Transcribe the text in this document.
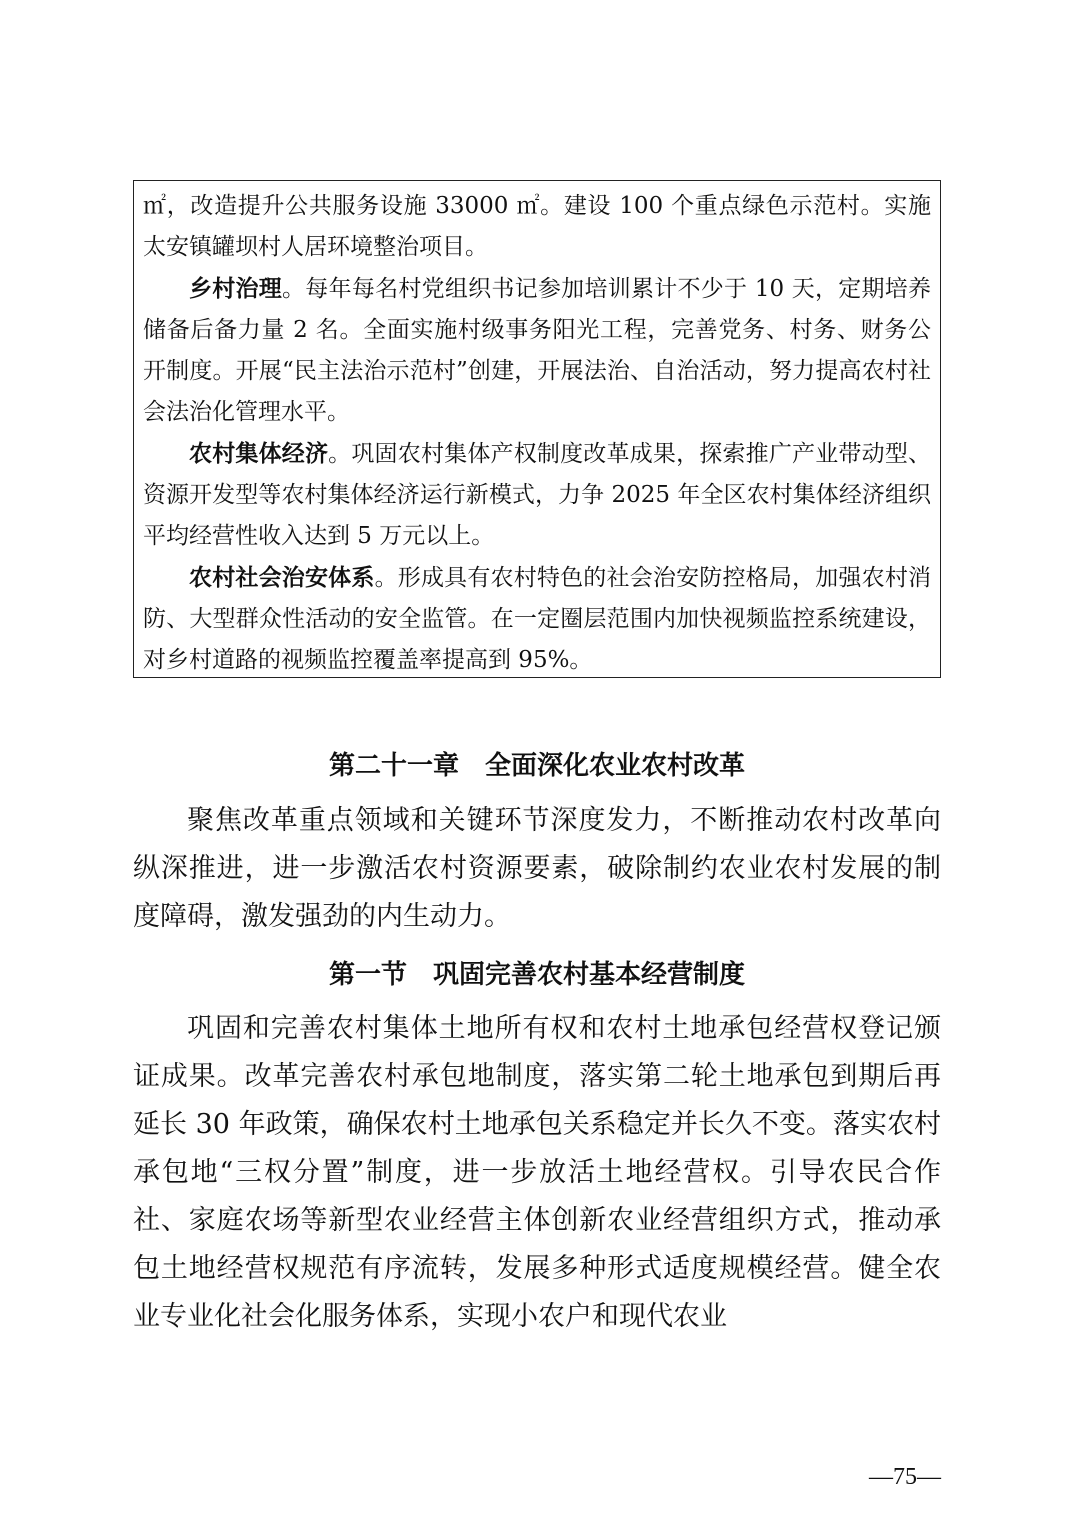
㎡，改造提升公共服务设施 33000 ㎡。建设 100 个重点绿色示范村。实施太安镇罐坝村人居环境整治项目。

乡村治理。每年每名村党组织书记参加培训累计不少于 10 天，定期培养储备后备力量 2 名。全面实施村级事务阳光工程，完善党务、村务、财务公开制度。开展“民主法治示范村”创建，开展法治、自治活动，努力提高农村社会法治化管理水平。

农村集体经济。巩固农村集体产权制度改革成果，探索推广产业带动型、资源开发型等农村集体经济运行新模式，力争 2025 年全区农村集体经济组织平均经营性收入达到 5 万元以上。

农村社会治安体系。形成具有农村特色的社会治安防控格局，加强农村消防、大型群众性活动的安全监管。在一定圈层范围内加快视频监控系统建设，对乡村道路的视频监控覆盖率提高到 95%。

第二十一章　全面深化农业农村改革

聚焦改革重点领域和关键环节深度发力，不断推动农村改革向纵深推进，进一步激活农村资源要素，破除制约农业农村发展的制度障碍，激发强劲的内生动力。

第一节　巩固完善农村基本经营制度

巩固和完善农村集体土地所有权和农村土地承包经营权登记颁证成果。改革完善农村承包地制度，落实第二轮土地承包到期后再延长 30 年政策，确保农村土地承包关系稳定并长久不变。落实农村承包地“三权分置”制度，进一步放活土地经营权。引导农民合作社、家庭农场等新型农业经营主体创新农业经营组织方式，推动承包土地经营权规范有序流转，发展多种形式适度规模经营。健全农业专业化社会化服务体系，实现小农户和现代农业

—75—
